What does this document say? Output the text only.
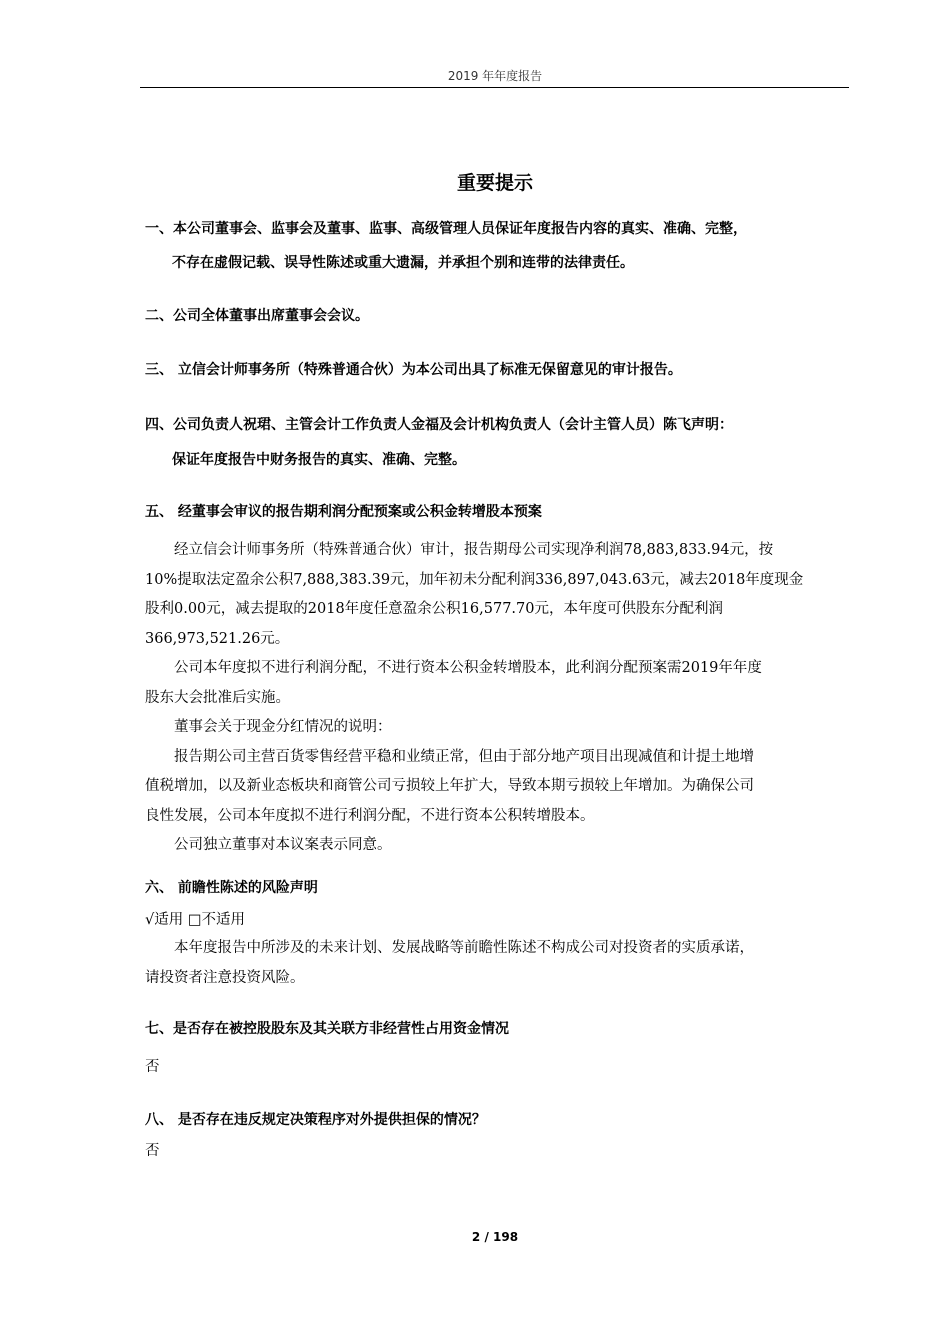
2019 年年度报告
重要提示
一、本公司董事会、监事会及董事、监事、高级管理人员保证年度报告内容的真实、准确、完整，
不存在虚假记载、误导性陈述或重大遗漏，并承担个别和连带的法律责任。
二、公司全体董事出席董事会会议。
三、 立信会计师事务所（特殊普通合伙）为本公司出具了标准无保留意见的审计报告。
四、公司负责人祝珺、主管会计工作负责人金福及会计机构负责人（会计主管人员）陈飞声明：
保证年度报告中财务报告的真实、准确、完整。
五、 经董事会审议的报告期利润分配预案或公积金转增股本预案
经立信会计师事务所（特殊普通合伙）审计，报告期母公司实现净利润78,883,833.94元，按
10%提取法定盈余公积7,888,383.39元，加年初未分配利润336,897,043.63元，减去2018年度现金
股利0.00元，减去提取的2018年度任意盈余公积16,577.70元，本年度可供股东分配利润
366,973,521.26元。
公司本年度拟不进行利润分配，不进行资本公积金转增股本，此利润分配预案需2019年年度
股东大会批准后实施。
董事会关于现金分红情况的说明：
报告期公司主营百货零售经营平稳和业绩正常，但由于部分地产项目出现减值和计提土地增
值税增加，以及新业态板块和商管公司亏损较上年扩大，导致本期亏损较上年增加。为确保公司
良性发展，公司本年度拟不进行利润分配，不进行资本公积转增股本。
公司独立董事对本议案表示同意。
六、 前瞻性陈述的风险声明
√适用 □不适用
本年度报告中所涉及的未来计划、发展战略等前瞻性陈述不构成公司对投资者的实质承诺，
请投资者注意投资风险。
七、是否存在被控股股东及其关联方非经营性占用资金情况
否
八、 是否存在违反规定决策程序对外提供担保的情况？
否
2 / 198
